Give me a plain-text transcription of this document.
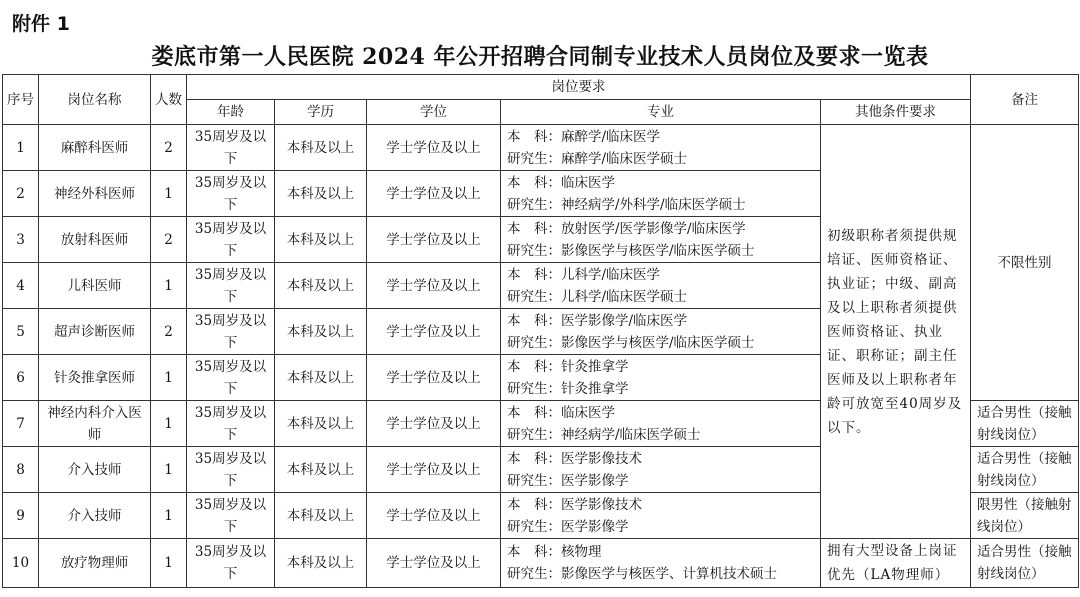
附件 1
娄底市第一人民医院 2024 年公开招聘合同制专业技术人员岗位及要求一览表
序号	岗位名称	人数	岗位要求					备注
			年龄	学历	学位	专业	其他条件要求	
1	麻醉科医师	2	35周岁及以下	本科及以上	学士学位及以上	本　科：麻醉学/临床医学
研究生：麻醉学/临床医学硕士	初级职称者须提供规培证、医师资格证、执业证；中级、副高及以上职称者须提供医师资格证、执业证、职称证；副主任医师及以上职称者年龄可放宽至40周岁及以下。	不限性别
2	神经外科医师	1	35周岁及以下	本科及以上	学士学位及以上	本　科：临床医学
研究生：神经病学/外科学/临床医学硕士		

3	放射科医师	2	35周岁及以下	本科及以上	学士学位及以上	本　科：放射医学/医学影像学/临床医学
研究生：影像医学与核医学/临床医学硕士		

4	儿科医师	1	35周岁及以下	本科及以上	学士学位及以上	本　科：儿科学/临床医学
研究生：儿科学/临床医学硕士		

5	超声诊断医师	2	35周岁及以下	本科及以上	学士学位及以上	本　科：医学影像学/临床医学
研究生：影像医学与核医学/临床医学硕士		

6	针灸推拿医师	1	35周岁及以下	本科及以上	学士学位及以上	本　科：针灸推拿学
研究生：针灸推拿学		

7	神经内科介入医师	1	35周岁及以下	本科及以上	学士学位及以上	本　科：临床医学
研究生：神经病学/临床医学硕士		适合男性（接触射线岗位）
8	介入技师	1	35周岁及以下	本科及以上	学士学位及以上	本　科：医学影像技术
研究生：医学影像学		适合男性（接触射线岗位）
9	介入技师	1	35周岁及以下	本科及以上	学士学位及以上	本　科：医学影像技术
研究生：医学影像学		限男性（接触射线岗位）
10	放疗物理师	1	35周岁及以下	本科及以上	学士学位及以上	本　科：核物理
研究生：影像医学与核医学、计算机技术硕士	拥有大型设备上岗证优先（LA物理师）	适合男性（接触射线岗位）
